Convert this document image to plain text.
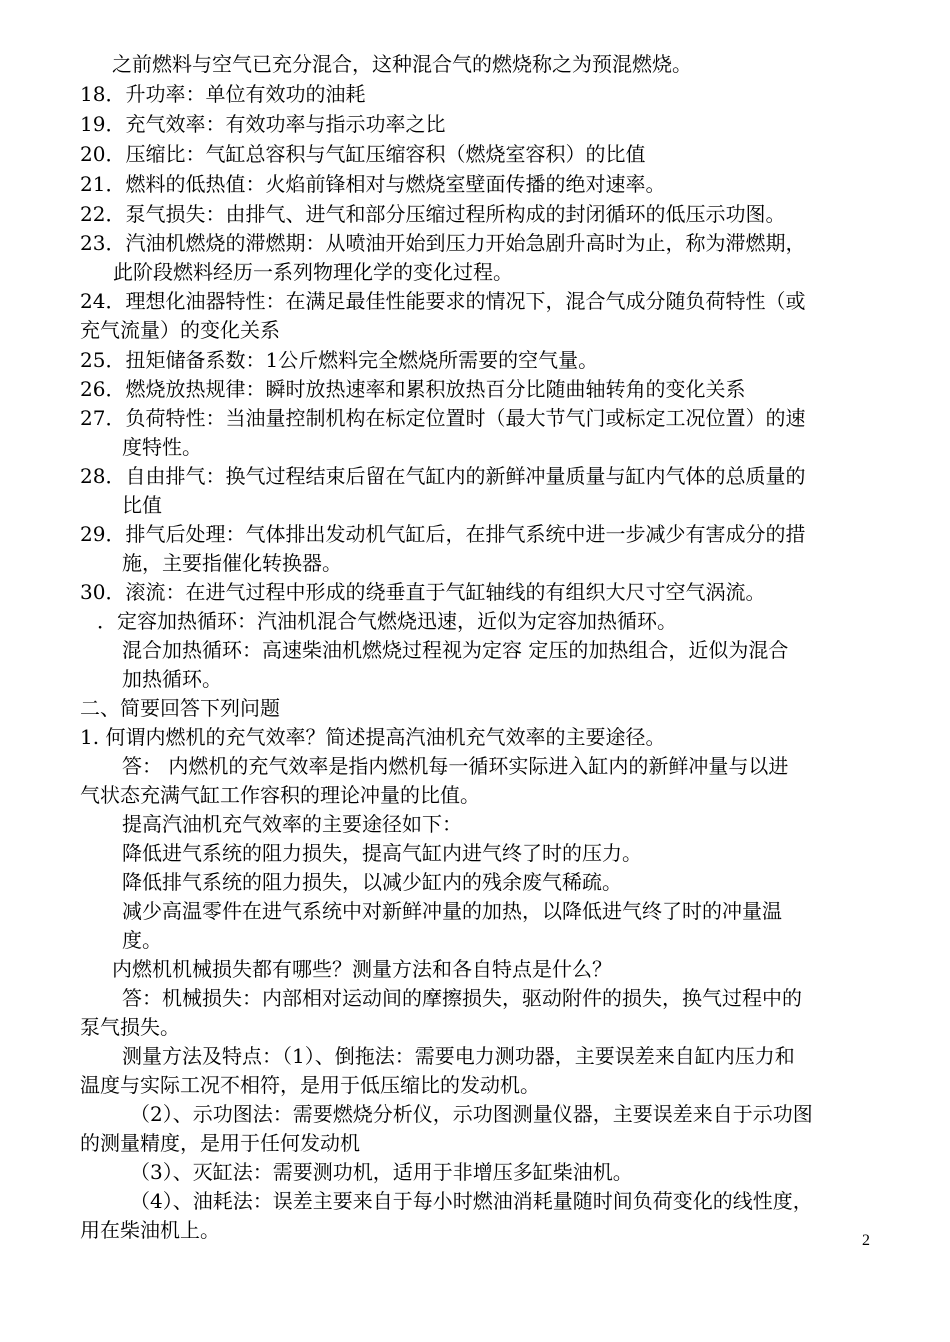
之前燃料与空气已充分混合，这种混合气的燃烧称之为预混燃烧。
18．升功率：单位有效功的油耗
19．充气效率：有效功率与指示功率之比
20．压缩比：气缸总容积与气缸压缩容积（燃烧室容积）的比值
21．燃料的低热值：火焰前锋相对与燃烧室壁面传播的绝对速率。
22．泵气损失：由排气、进气和部分压缩过程所构成的封闭循环的低压示功图。
23．汽油机燃烧的滞燃期：从喷油开始到压力开始急剧升高时为止，称为滞燃期，
此阶段燃料经历一系列物理化学的变化过程。
24．理想化油器特性：在满足最佳性能要求的情况下，混合气成分随负荷特性（或
充气流量）的变化关系
25．扭矩储备系数：1公斤燃料完全燃烧所需要的空气量。
26．燃烧放热规律：瞬时放热速率和累积放热百分比随曲轴转角的变化关系
27．负荷特性：当油量控制机构在标定位置时（最大节气门或标定工况位置）的速
度特性。
28．自由排气：换气过程结束后留在气缸内的新鲜冲量质量与缸内气体的总质量的
比值
29．排气后处理：气体排出发动机气缸后，在排气系统中进一步减少有害成分的措
施，主要指催化转换器。
30．滚流：在进气过程中形成的绕垂直于气缸轴线的有组织大尺寸空气涡流。
．定容加热循环：汽油机混合气燃烧迅速，近似为定容加热循环。
混合加热循环：高速柴油机燃烧过程视为定容 定压的加热组合，近似为混合
加热循环。
二、简要回答下列问题
1. 何谓内燃机的充气效率？简述提高汽油机充气效率的主要途径。
答： 内燃机的充气效率是指内燃机每一循环实际进入缸内的新鲜冲量与以进
气状态充满气缸工作容积的理论冲量的比值。
提高汽油机充气效率的主要途径如下：
降低进气系统的阻力损失，提高气缸内进气终了时的压力。
降低排气系统的阻力损失，以减少缸内的残余废气稀疏。
减少高温零件在进气系统中对新鲜冲量的加热，以降低进气终了时的冲量温
度。
内燃机机械损失都有哪些？测量方法和各自特点是什么？
答：机械损失：内部相对运动间的摩擦损失，驱动附件的损失，换气过程中的
泵气损失。
测量方法及特点：（1）、倒拖法：需要电力测功器，主要误差来自缸内压力和
温度与实际工况不相符，是用于低压缩比的发动机。
（2）、示功图法：需要燃烧分析仪，示功图测量仪器，主要误差来自于示功图
的测量精度，是用于任何发动机
（3）、灭缸法：需要测功机，适用于非增压多缸柴油机。
（4）、油耗法：误差主要来自于每小时燃油消耗量随时间负荷变化的线性度，
用在柴油机上。	2
